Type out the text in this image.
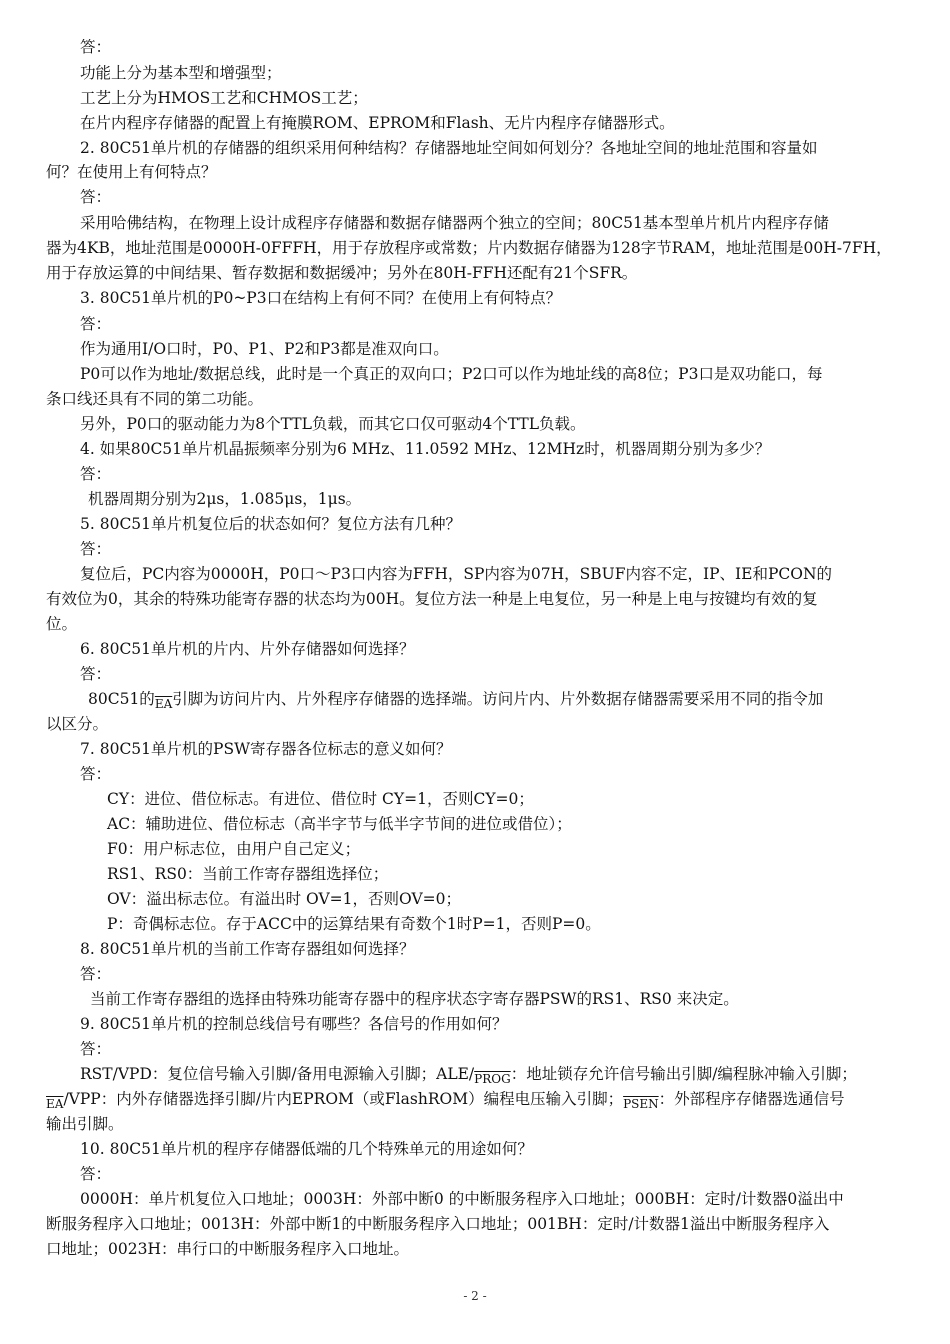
答：
功能上分为基本型和增强型；
工艺上分为HMOS工艺和CHMOS工艺；
在片内程序存储器的配置上有掩膜ROM、EPROM和Flash、无片内程序存储器形式。
2. 80C51单片机的存储器的组织采用何种结构？存储器地址空间如何划分？各地址空间的地址范围和容量如
何？在使用上有何特点？
答：
采用哈佛结构，在物理上设计成程序存储器和数据存储器两个独立的空间；80C51基本型单片机片内程序存储
器为4KB，地址范围是0000H-0FFFH，用于存放程序或常数；片内数据存储器为128字节RAM，地址范围是00H-7FH，
用于存放运算的中间结果、暂存数据和数据缓冲；另外在80H-FFH还配有21个SFR。
3. 80C51单片机的P0~P3口在结构上有何不同？在使用上有何特点？
答：
作为通用I/O口时，P0、P1、P2和P3都是准双向口。
P0可以作为地址/数据总线，此时是一个真正的双向口；P2口可以作为地址线的高8位；P3口是双功能口，每
条口线还具有不同的第二功能。
另外，P0口的驱动能力为8个TTL负载，而其它口仅可驱动4个TTL负载。
4. 如果80C51单片机晶振频率分别为6 MHz、11.0592 MHz、12MHz时，机器周期分别为多少？
答：
机器周期分别为2μs，1.085μs，1μs。
5. 80C51单片机复位后的状态如何？复位方法有几种？
答：
复位后，PC内容为0000H，P0口～P3口内容为FFH，SP内容为07H，SBUF内容不定，IP、IE和PCON的
有效位为0，其余的特殊功能寄存器的状态均为00H。复位方法一种是上电复位，另一种是上电与按键均有效的复
位。
6. 80C51单片机的片内、片外存储器如何选择？
答：
80C51的$_{\overline{EA}}$引脚为访问片内、片外程序存储器的选择端。访问片内、片外数据存储器需要采用不同的指令加
以区分。
7. 80C51单片机的PSW寄存器各位标志的意义如何？
答：
CY：进位、借位标志。有进位、借位时 CY=1，否则CY=0；
AC：辅助进位、借位标志（高半字节与低半字节间的进位或借位）；
F0：用户标志位，由用户自己定义；
RS1、RS0：当前工作寄存器组选择位；
OV：溢出标志位。有溢出时 OV=1，否则OV=0；
P：奇偶标志位。存于ACC中的运算结果有奇数个1时P=1，否则P=0。
8. 80C51单片机的当前工作寄存器组如何选择？
答：
当前工作寄存器组的选择由特殊功能寄存器中的程序状态字寄存器PSW的RS1、RS0 来决定。
9. 80C51单片机的控制总线信号有哪些？各信号的作用如何？
答：
RST/VPD：复位信号输入引脚/备用电源输入引脚；ALE/$_{PROG}$：地址锁存允许信号输出引脚/编程脉冲输入引脚；
$_{\overline{EA}}$/VPP：内外存储器选择引脚/片内EPROM（或FlashROM）编程电压输入引脚；$_{PSEN}$：外部程序存储器选通信号
输出引脚。
10. 80C51单片机的程序存储器低端的几个特殊单元的用途如何？
答：
0000H：单片机复位入口地址；0003H：外部中断0 的中断服务程序入口地址；000BH：定时/计数器0溢出中
断服务程序入口地址；0013H：外部中断1的中断服务程序入口地址；001BH：定时/计数器1溢出中断服务程序入
口地址；0023H：串行口的中断服务程序入口地址。
- 2 -
